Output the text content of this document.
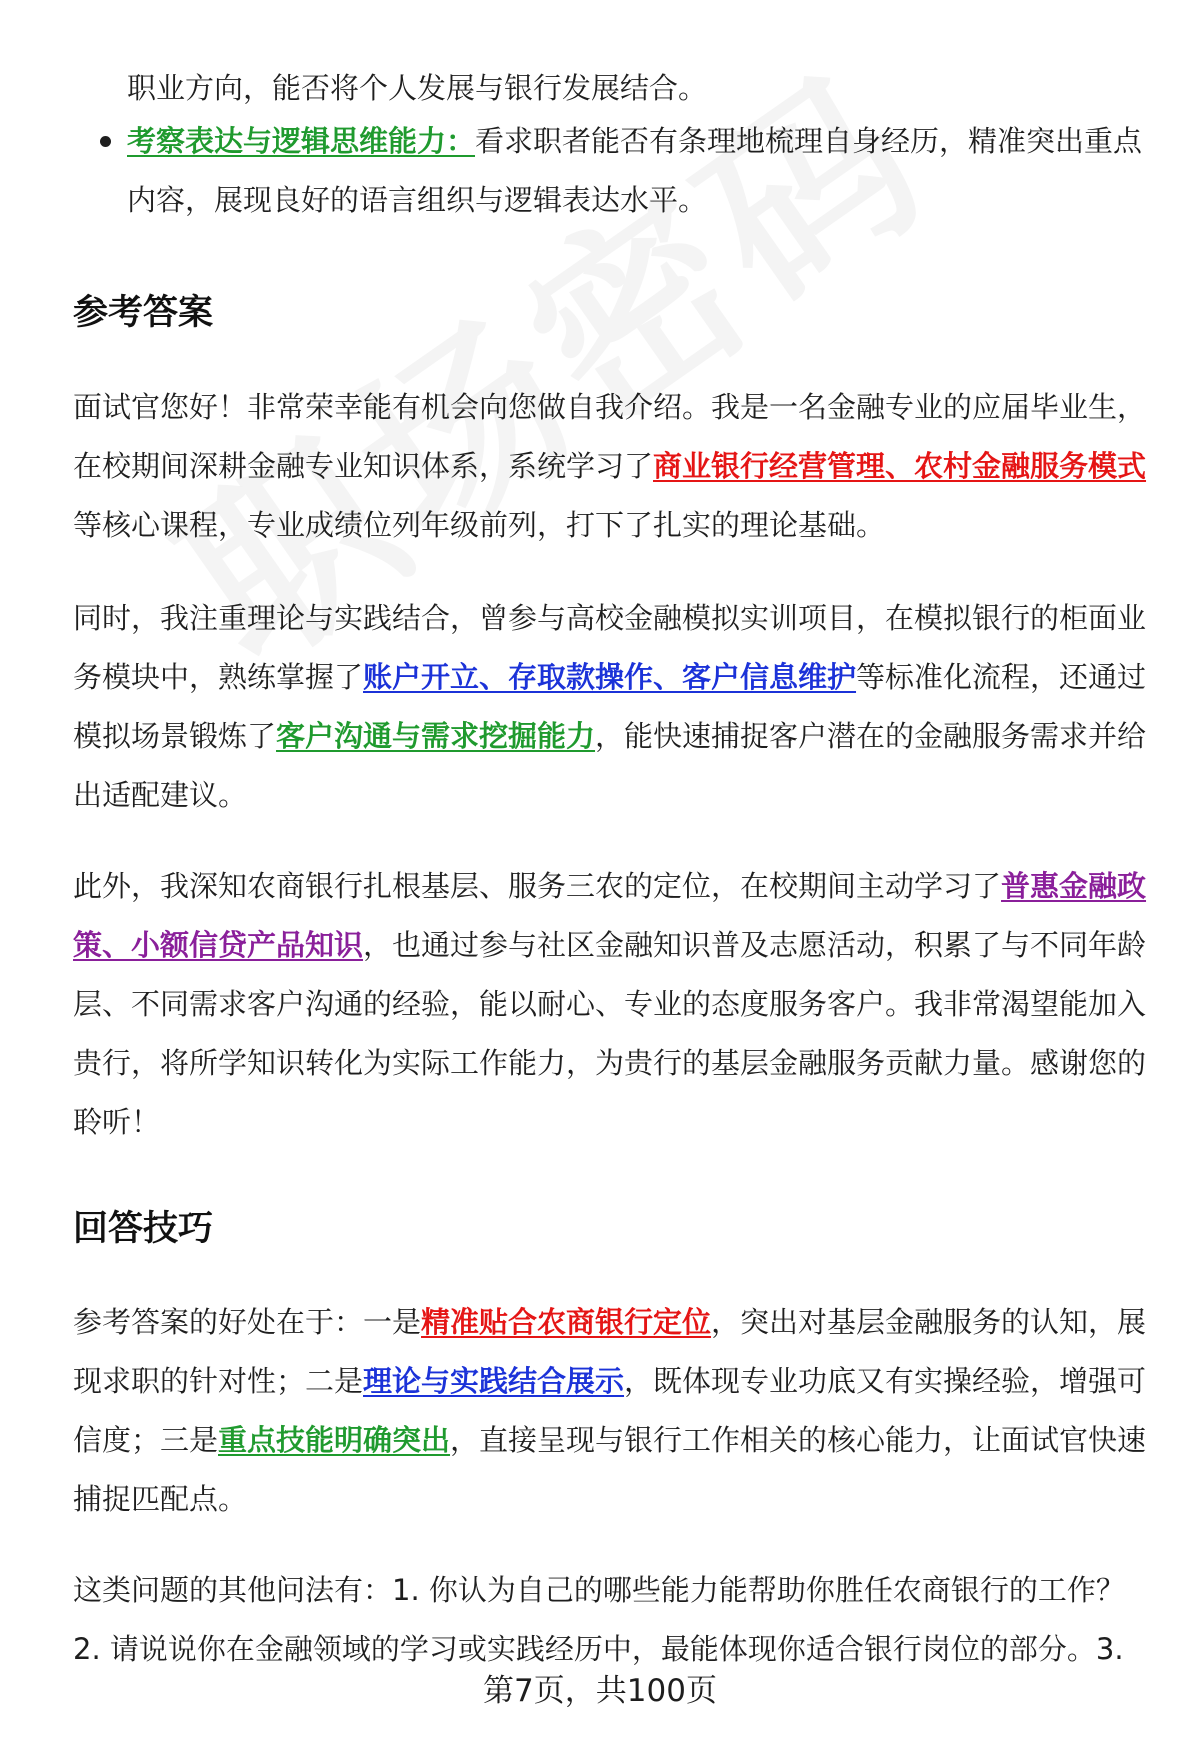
职业方向，能否将个人发展与银行发展结合。

考察表达与逻辑思维能力：看求职者能否有条理地梳理自身经历，精准突出重点内容，展现良好的语言组织与逻辑表达水平。

参考答案

面试官您好！非常荣幸能有机会向您做自我介绍。我是一名金融专业的应届毕业生，在校期间深耕金融专业知识体系，系统学习了商业银行经营管理、农村金融服务模式等核心课程，专业成绩位列年级前列，打下了扎实的理论基础。

同时，我注重理论与实践结合，曾参与高校金融模拟实训项目，在模拟银行的柜面业务模块中，熟练掌握了账户开立、存取款操作、客户信息维护等标准化流程，还通过模拟场景锻炼了客户沟通与需求挖掘能力，能快速捕捉客户潜在的金融服务需求并给出适配建议。

此外，我深知农商银行扎根基层、服务三农的定位，在校期间主动学习了普惠金融政策、小额信贷产品知识，也通过参与社区金融知识普及志愿活动，积累了与不同年龄层、不同需求客户沟通的经验，能以耐心、专业的态度服务客户。我非常渴望能加入贵行，将所学知识转化为实际工作能力，为贵行的基层金融服务贡献力量。感谢您的聆听！

回答技巧

参考答案的好处在于：一是精准贴合农商银行定位，突出对基层金融服务的认知，展现求职的针对性；二是理论与实践结合展示，既体现专业功底又有实操经验，增强可信度；三是重点技能明确突出，直接呈现与银行工作相关的核心能力，让面试官快速捕捉匹配点。

这类问题的其他问法有：1. 你认为自己的哪些能力能帮助你胜任农商银行的工作？2. 请说说你在金融领域的学习或实践经历中，最能体现你适合银行岗位的部分。3.

第7页，共100页
